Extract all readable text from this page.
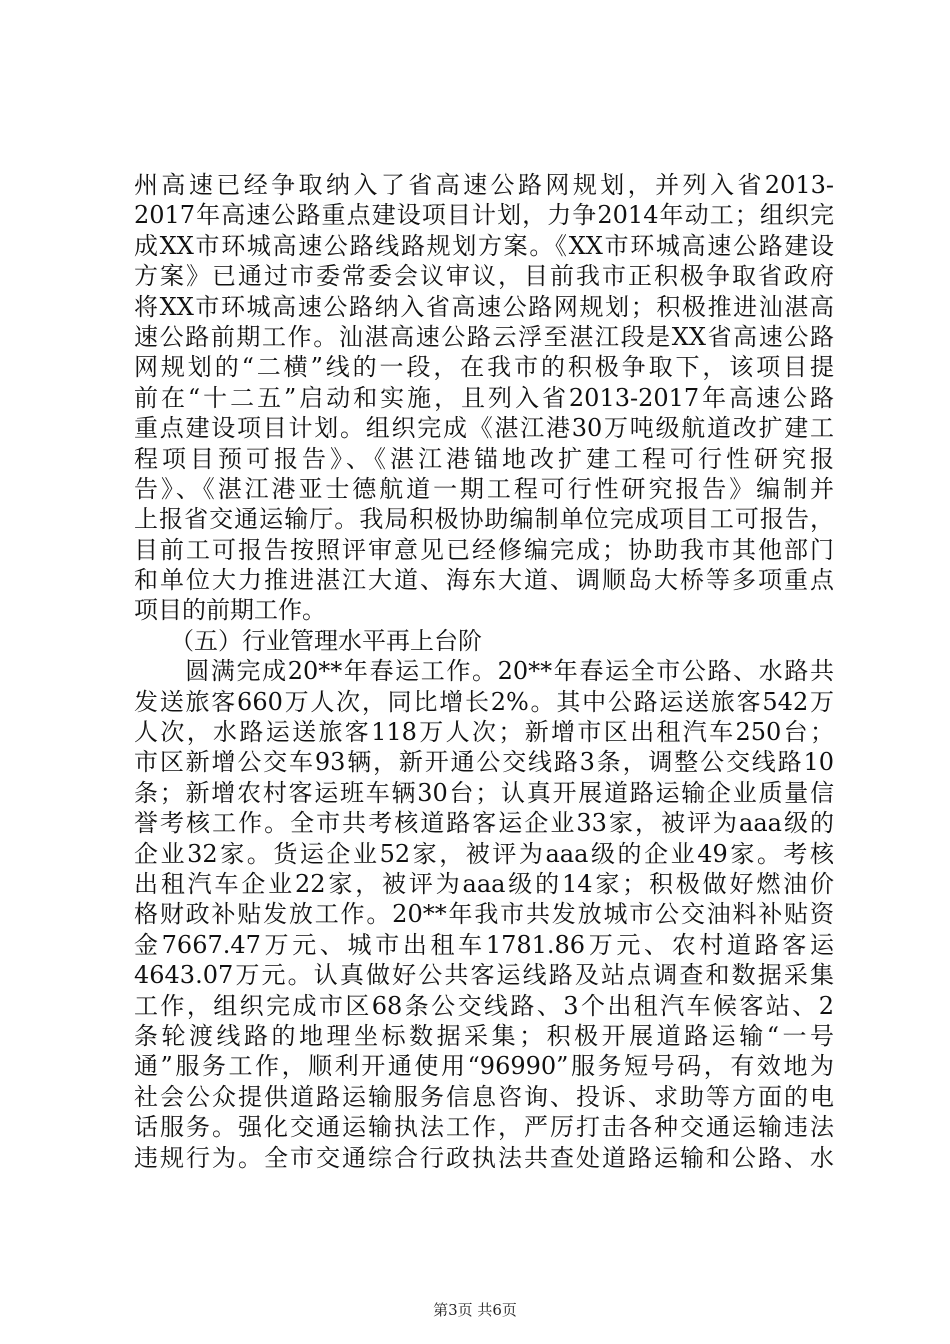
州高速已经争取纳入了省高速公路网规划，并列入省2013-
2017年高速公路重点建设项目计划，力争2014年动工；组织完
成XX市环城高速公路线路规划方案。《XX市环城高速公路建设
方案》已通过市委常委会议审议，目前我市正积极争取省政府
将XX市环城高速公路纳入省高速公路网规划；积极推进汕湛高
速公路前期工作。汕湛高速公路云浮至湛江段是XX省高速公路
网规划的“二横”线的一段，在我市的积极争取下，该项目提
前在“十二五”启动和实施，且列入省2013-2017年高速公路
重点建设项目计划。组织完成《湛江港30万吨级航道改扩建工
程项目预可报告》、《湛江港锚地改扩建工程可行性研究报
告》、《湛江港亚士德航道一期工程可行性研究报告》编制并
上报省交通运输厅。我局积极协助编制单位完成项目工可报告，
目前工可报告按照评审意见已经修编完成；协助我市其他部门
和单位大力推进湛江大道、海东大道、调顺岛大桥等多项重点
项目的前期工作。
　　（五）行业管理水平再上台阶
　　圆满完成20**年春运工作。20**年春运全市公路、水路共
发送旅客660万人次，同比增长2%。其中公路运送旅客542万
人次，水路运送旅客118万人次；新增市区出租汽车250台；
市区新增公交车93辆，新开通公交线路3条，调整公交线路10
条；新增农村客运班车辆30台；认真开展道路运输企业质量信
誉考核工作。全市共考核道路客运企业33家，被评为aaa级的
企业32家。货运企业52家，被评为aaa级的企业49家。考核
出租汽车企业22家，被评为aaa级的14家；积极做好燃油价
格财政补贴发放工作。20**年我市共发放城市公交油料补贴资
金7667.47万元、城市出租车1781.86万元、农村道路客运
4643.07万元。认真做好公共客运线路及站点调查和数据采集
工作，组织完成市区68条公交线路、3个出租汽车候客站、2
条轮渡线路的地理坐标数据采集；积极开展道路运输“一号
通”服务工作，顺利开通使用“96990”服务短号码，有效地为
社会公众提供道路运输服务信息咨询、投诉、求助等方面的电
话服务。强化交通运输执法工作，严厉打击各种交通运输违法
违规行为。全市交通综合行政执法共查处道路运输和公路、水
第3页 共6页
